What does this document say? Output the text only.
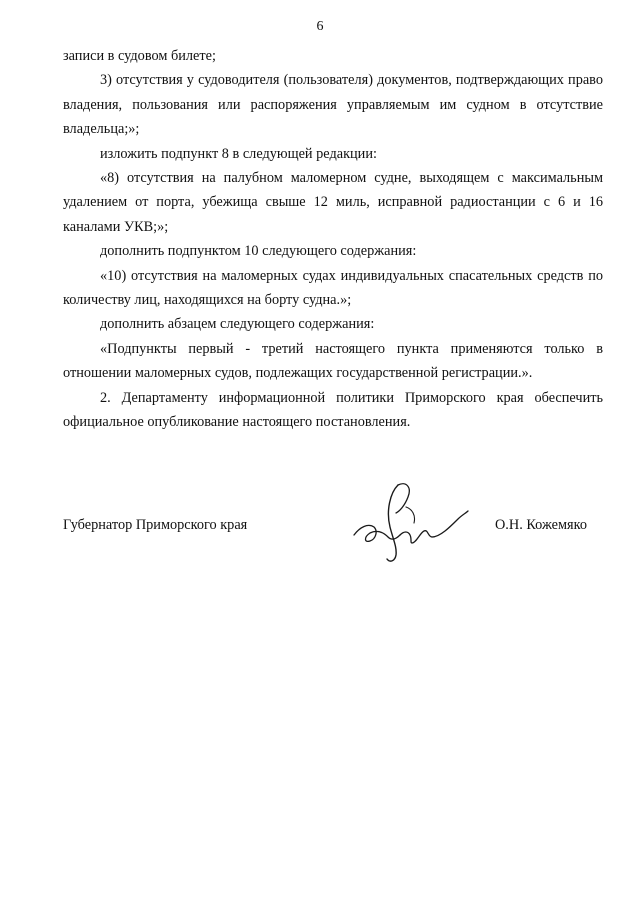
6

записи в судовом билете;

3) отсутствия у судоводителя (пользователя) документов, подтверждающих право владения, пользования или распоряжения управляемым им судном в отсутствие владельца;»;

изложить подпункт 8 в следующей редакции:

«8) отсутствия на палубном маломерном судне, выходящем с максимальным удалением от порта, убежища свыше 12 миль, исправной радиостанции с 6 и 16 каналами УКВ;»;

дополнить подпунктом 10 следующего содержания:

«10) отсутствия на маломерных судах индивидуальных спасательных средств по количеству лиц, находящихся на борту судна.»;

дополнить абзацем следующего содержания:

«Подпункты первый - третий настоящего пункта применяются только в отношении маломерных судов, подлежащих государственной регистрации.».

2. Департаменту информационной политики Приморского края обеспечить официальное опубликование настоящего постановления.

Губернатор Приморского края	О.Н. Кожемяко
